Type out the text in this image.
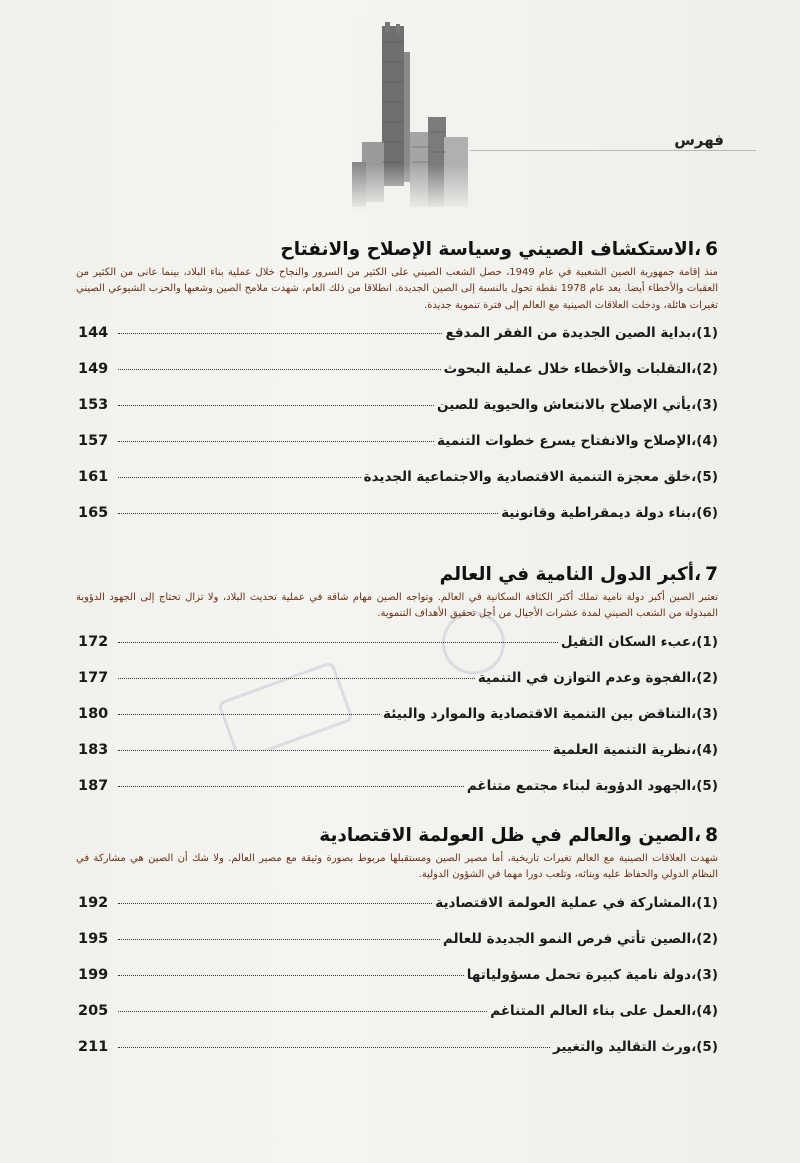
فهرس
6،الاستكشاف الصيني وسياسة الإصلاح والانفتاح

منذ إقامة جمهورية الصين الشعبية في عام 1949، حصل الشعب الصيني على الكثير من السرور والنجاح خلال عملية بناء البلاد، بينما عانى من الكثير من العقبات والأخطاء أيضا. يعد عام 1978 نقطة تحول بالنسبة إلى الصين الجديدة. انطلاقا من ذلك العام، شهدت ملامح الصين وشعبها والحزب الشيوعي الصيني تغيرات هائلة، ودخلت العلاقات الصينية مع العالم إلى فترة تنموية جديدة.

(1)
،
بداية الصين الجديدة من الفقر المدقع
144
(2)
،
التقلبات والأخطاء خلال عملية البحوث
149
(3)
،
يأتي الإصلاح بالانتعاش والحيوية للصين
153
(4)
،
الإصلاح والانفتاح يسرع خطوات التنمية
157
(5)
،
خلق معجزة التنمية الاقتصادية والاجتماعية الجديدة
161
(6)
،
بناء دولة ديمقراطية وقانونية
165
7،أكبر الدول النامية في العالم

تعتبر الصين أكبر دولة نامية تملك أكثر الكثافة السكانية في العالم. وتواجه الصين مهام شاقة في عملية تحديث البلاد، ولا تزال تحتاج إلى الجهود الدؤوبة المبذولة من الشعب الصيني لمدة عشرات الأجيال من أجل تحقيق الأهداف التنموية.

(1)
،
عبء السكان الثقيل
172
(2)
،
الفجوة وعدم التوازن في التنمية
177
(3)
،
التناقض بين التنمية الاقتصادية والموارد والبيئة
180
(4)
،
نظرية التنمية العلمية
183
(5)
،
الجهود الدؤوبة لبناء مجتمع متناغم
187
8،الصين والعالم في ظل العولمة الاقتصادية

شهدت العلاقات الصينية مع العالم تغيرات تاريخية، أما مصير الصين ومستقبلها مربوط بصورة وثيقة مع مصير العالم. ولا شك أن الصين هي مشاركة في النظام الدولي والحفاظ عليه وبنائه، وتلعب دورا مهما في الشؤون الدولية.

(1)
،
المشاركة في عملية العولمة الاقتصادية
192
(2)
،
الصين تأتي فرص النمو الجديدة للعالم
195
(3)
،
دولة نامية كبيرة تحمل مسؤولياتها
199
(4)
،
العمل على بناء العالم المتناغم
205
(5)
،
ورث التقاليد والتغيير
211
